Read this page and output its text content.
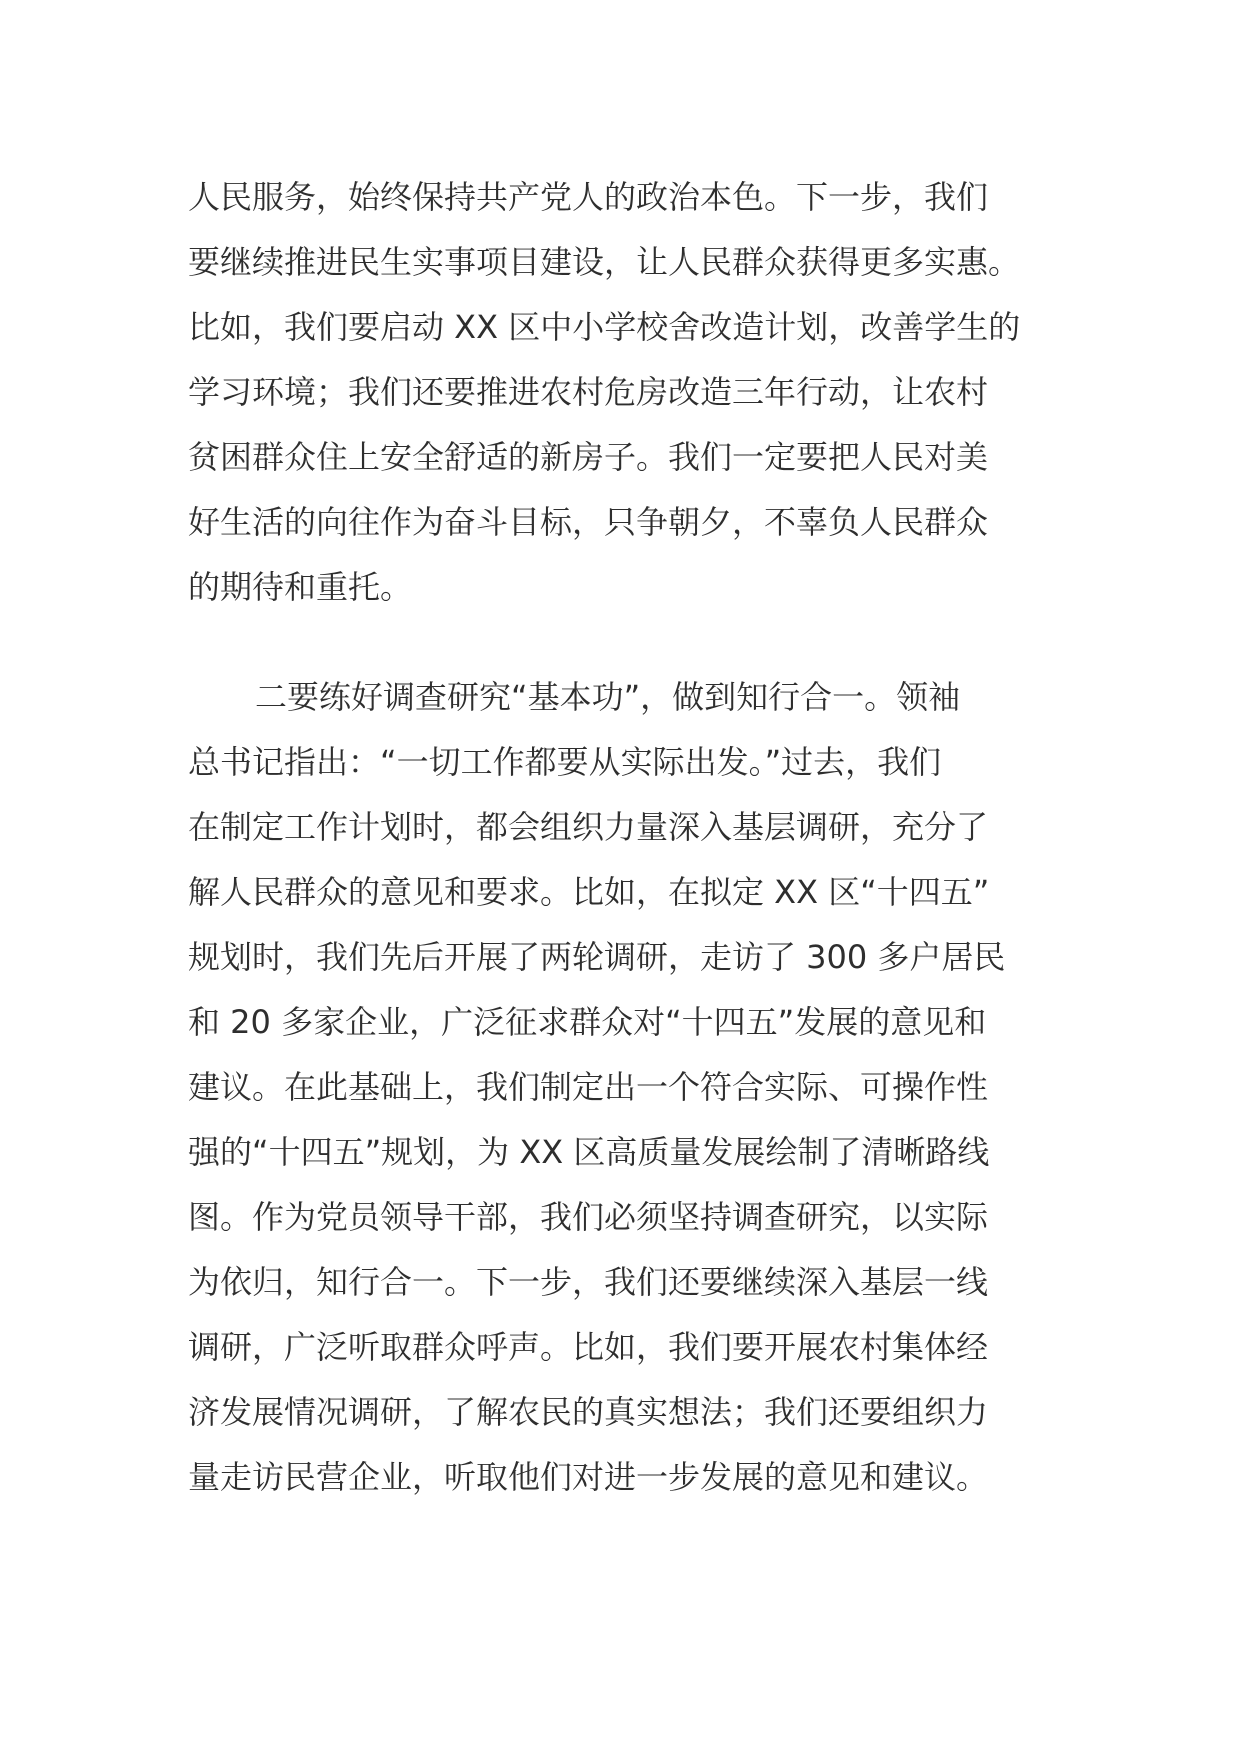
人民服务，始终保持共产党人的政治本色。下一步，我们
要继续推进民生实事项目建设，让人民群众获得更多实惠。
比如，我们要启动 XX 区中小学校舍改造计划，改善学生的
学习环境；我们还要推进农村危房改造三年行动，让农村
贫困群众住上安全舒适的新房子。我们一定要把人民对美
好生活的向往作为奋斗目标，只争朝夕，不辜负人民群众
的期待和重托。
二要练好调查研究“基本功”，做到知行合一。领袖
总书记指出：“一切工作都要从实际出发。”过去，我们
在制定工作计划时，都会组织力量深入基层调研，充分了
解人民群众的意见和要求。比如，在拟定 XX 区“十四五”
规划时，我们先后开展了两轮调研，走访了 300 多户居民
和 20 多家企业，广泛征求群众对“十四五”发展的意见和
建议。在此基础上，我们制定出一个符合实际、可操作性
强的“十四五”规划，为 XX 区高质量发展绘制了清晰路线
图。作为党员领导干部，我们必须坚持调查研究，以实际
为依归，知行合一。下一步，我们还要继续深入基层一线
调研，广泛听取群众呼声。比如，我们要开展农村集体经
济发展情况调研，了解农民的真实想法；我们还要组织力
量走访民营企业，听取他们对进一步发展的意见和建议。
